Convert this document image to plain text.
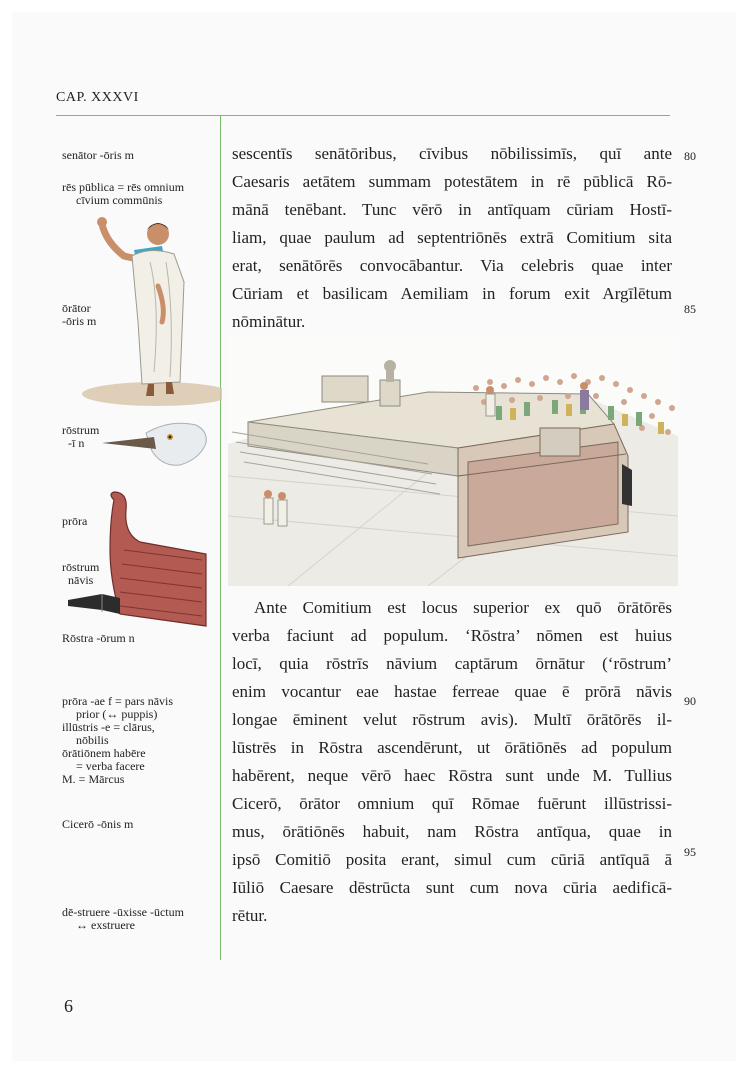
CAP. XXXVI
senātor -ōris m
rēs pūblica = rēs omnium
cīvium commūnis
ōrātor
-ōris m
rōstrum

-ī n
prōra
rōstrum

nāvis
Rōstra -ōrum n
prōra -ae f = pars nāvis
prior (↔ puppis)
illūstris -e = clārus,
nōbilis
ōrātiōnem habēre
= verba facere
M. = Mārcus
Cicerō -ōnis m
dē-struere -ūxisse -ūctum
↔ exstruere
sescentīs senātōribus, cīvibus nōbilissimīs, quī ante
Caesaris aetātem summam potestātem in rē pūblicā Rō-
mānā tenēbant. Tunc vērō in antīquam cūriam Hostī-
liam, quae paulum ad septentriōnēs extrā Comitium sita
erat, senātōrēs convocābantur. Via celebris quae inter
Cūriam et basilicam Aemiliam in forum exit Argīlētum
nōminātur.
Ante Comitium est locus superior ex quō ōrātōrēs
verba faciunt ad populum. ‘Rōstra’ nōmen est huius
locī, quia rōstrīs nāvium captārum ōrnātur (‘rōstrum’
enim vocantur eae hastae ferreae quae ē prōrā nāvis
longae ēminent velut rōstrum avis). Multī ōrātōrēs il-
lūstrēs in Rōstra ascendērunt, ut ōrātiōnēs ad populum
habērent, neque vērō haec Rōstra sunt unde M. Tullius
Cicerō, ōrātor omnium quī Rōmae fuērunt illūstrissi-
mus, ōrātiōnēs habuit, nam Rōstra antīqua, quae in
ipsō Comitiō posita erant, simul cum cūriā antīquā ā
Iūliō Caesare dēstrūcta sunt cum nova cūria aedificā-
rētur.
80
85
90
95
6
